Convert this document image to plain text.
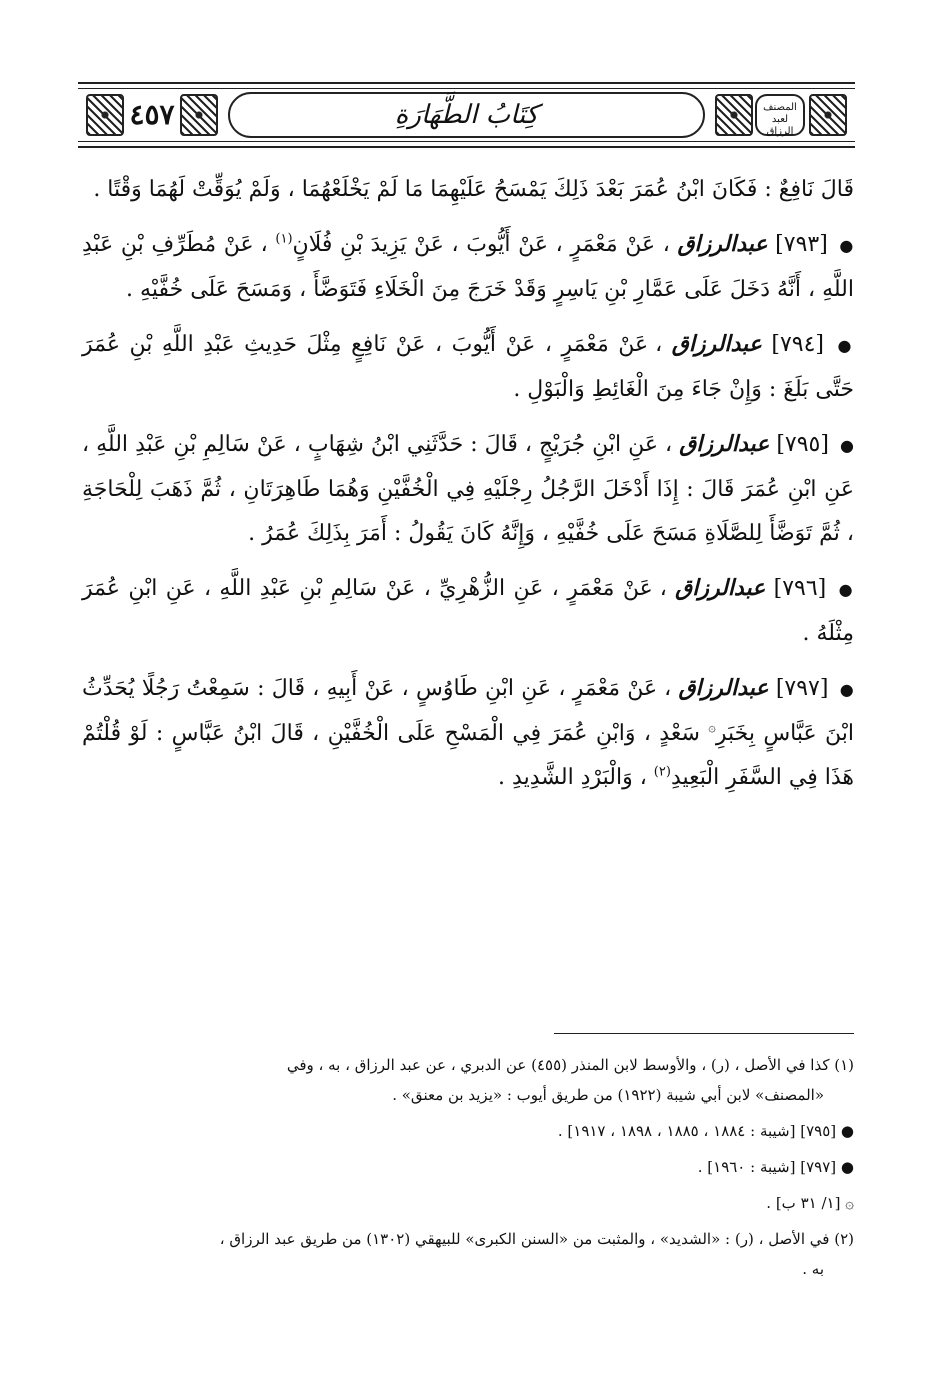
٤٥٧	كِتَابُ الطَّهَارَةِ	المصنف لعبد الرزاق

قَالَ نَافِعٌ : فَكَانَ ابْنُ عُمَرَ بَعْدَ ذَلِكَ يَمْسَحُ عَلَيْهِمَا مَا لَمْ يَخْلَعْهُمَا ، وَلَمْ يُوَقِّتْ لَهُمَا وَقْتًا .

● [٧٩٣] عبدالرزاق ، عَنْ مَعْمَرٍ ، عَنْ أَيُّوبَ ، عَنْ يَزِيدَ بْنِ فُلَانٍ$^{(١)}$ ، عَنْ مُطَرِّفِ بْنِ عَبْدِ اللَّهِ ، أَنَّهُ دَخَلَ عَلَى عَمَّارِ بْنِ يَاسِرٍ وَقَدْ خَرَجَ مِنَ الْخَلَاءِ فَتَوَضَّأَ ، وَمَسَحَ عَلَى خُفَّيْهِ .

● [٧٩٤] عبدالرزاق ، عَنْ مَعْمَرٍ ، عَنْ أَيُّوبَ ، عَنْ نَافِعٍ مِثْلَ حَدِيثِ عَبْدِ اللَّهِ بْنِ عُمَرَ حَتَّى بَلَغَ : وَإِنْ جَاءَ مِنَ الْغَائِطِ وَالْبَوْلِ .

● [٧٩٥] عبدالرزاق ، عَنِ ابْنِ جُرَيْجٍ ، قَالَ : حَدَّثَنِي ابْنُ شِهَابٍ ، عَنْ سَالِمِ بْنِ عَبْدِ اللَّهِ ، عَنِ ابْنِ عُمَرَ قَالَ : إِذَا أَدْخَلَ الرَّجُلُ رِجْلَيْهِ فِي الْخُفَّيْنِ وَهُمَا طَاهِرَتَانِ ، ثُمَّ ذَهَبَ لِلْحَاجَةِ ، ثُمَّ تَوَضَّأَ لِلصَّلَاةِ مَسَحَ عَلَى خُفَّيْهِ ، وَإِنَّهُ كَانَ يَقُولُ : أَمَرَ بِذَلِكَ عُمَرُ .

● [٧٩٦] عبدالرزاق ، عَنْ مَعْمَرٍ ، عَنِ الزُّهْرِيِّ ، عَنْ سَالِمِ بْنِ عَبْدِ اللَّهِ ، عَنِ ابْنِ عُمَرَ مِثْلَهُ .

● [٧٩٧] عبدالرزاق ، عَنْ مَعْمَرٍ ، عَنِ ابْنِ طَاوُسٍ ، عَنْ أَبِيهِ ، قَالَ : سَمِعْتُ رَجُلًا يُحَدِّثُ ابْنَ عَبَّاسٍ بِخَبَرِ۞ سَعْدٍ ، وَابْنِ عُمَرَ فِي الْمَسْحِ عَلَى الْخُفَّيْنِ ، قَالَ ابْنُ عَبَّاسٍ : لَوْ قُلْتُمْ هَذَا فِي السَّفَرِ الْبَعِيدِ$^{(٢)}$ ، وَالْبَرْدِ الشَّدِيدِ .

(١) كذا في الأصل ، (ر) ، والأوسط لابن المنذر (٤٥٥) عن الدبري ، عن عبد الرزاق ، به ، وفي
«المصنف» لابن أبي شيبة (١٩٢٢) من طريق أيوب : «يزيد بن معنق» .

● [٧٩٥] [شيبة : ١٨٨٤ ، ١٨٨٥ ، ١٨٩٨ ، ١٩١٧] .

● [٧٩٧] [شيبة : ١٩٦٠] .

۞ [١/ ٣١ ب] .

(٢) في الأصل ، (ر) : «الشديد» ، والمثبت من «السنن الكبرى» للبيهقي (١٣٠٢) من طريق عبد الرزاق ،
به .
